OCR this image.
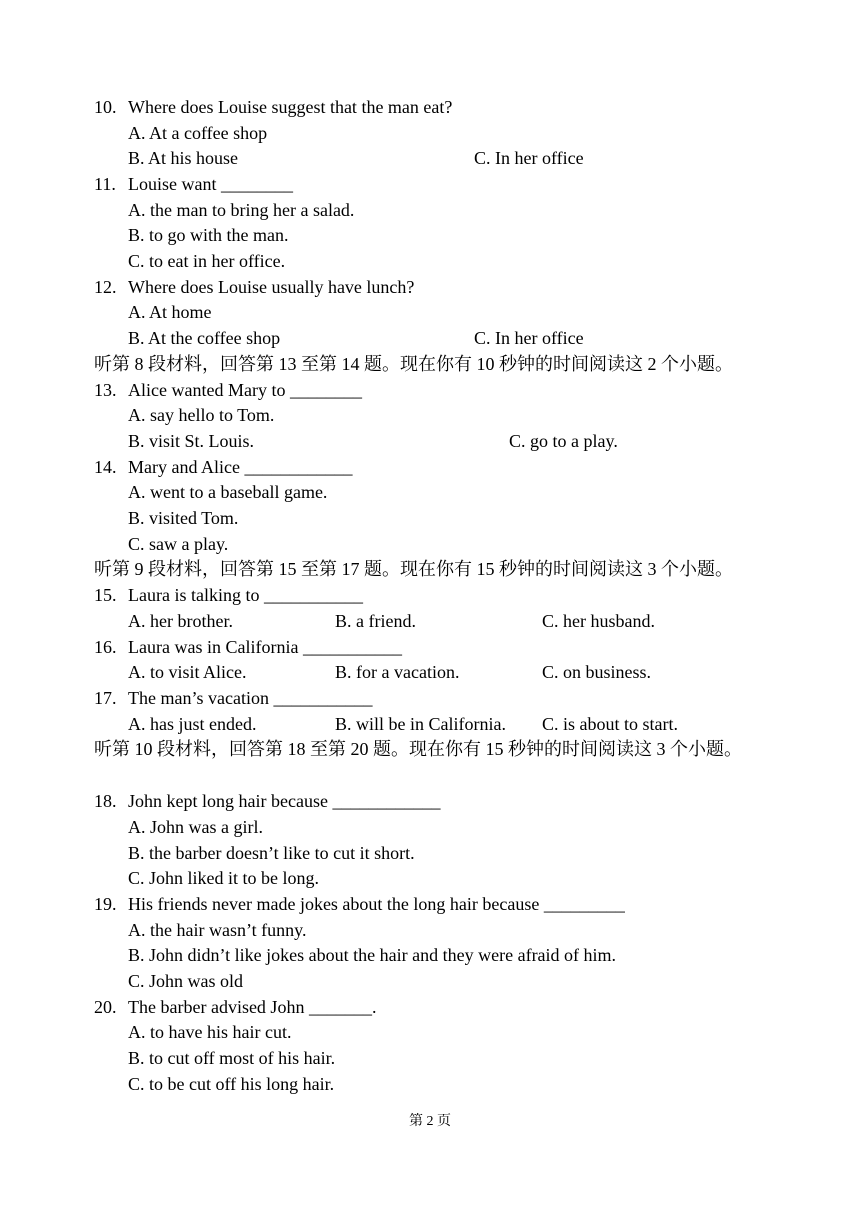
10. Where does Louise suggest that the man eat?
A. At a coffee shop
B. At his house	C. In her office
11. Louise want ________
A. the man to bring her a salad.
B. to go with the man.
C. to eat in her office.
12. Where does Louise usually have lunch?
A. At home
B. At the coffee shop	C. In her office
听第 8 段材料，回答第 13 至第 14 题。现在你有 10 秒钟的时间阅读这 2 个小题。
13. Alice wanted Mary to ________
A. say hello to Tom.
B. visit St. Louis.	C. go to a play.
14. Mary and Alice ____________
A. went to a baseball game.
B. visited Tom.
C. saw a play.
听第 9 段材料，回答第 15 至第 17 题。现在你有 15 秒钟的时间阅读这 3 个小题。
15. Laura is talking to ___________
A. her brother.	B. a friend.	C. her husband.
16. Laura was in California ___________
A. to visit Alice.	B. for a vacation.	C. on business.
17. The man’s vacation ___________
A. has just ended.	B. will be in California. C. is about to start.
听第 10 段材料，回答第 18 至第 20 题。现在你有 15 秒钟的时间阅读这 3 个小题。
18. John kept long hair because ____________
A. John was a girl.
B. the barber doesn’t like to cut it short.
C. John liked it to be long.
19. His friends never made jokes about the long hair because _________
A. the hair wasn’t funny.
B. John didn’t like jokes about the hair and they were afraid of him.
C. John was old
20. The barber advised John _______.
A. to have his hair cut.
B. to cut off most of his hair.
C. to be cut off his long hair.
第 2 页
